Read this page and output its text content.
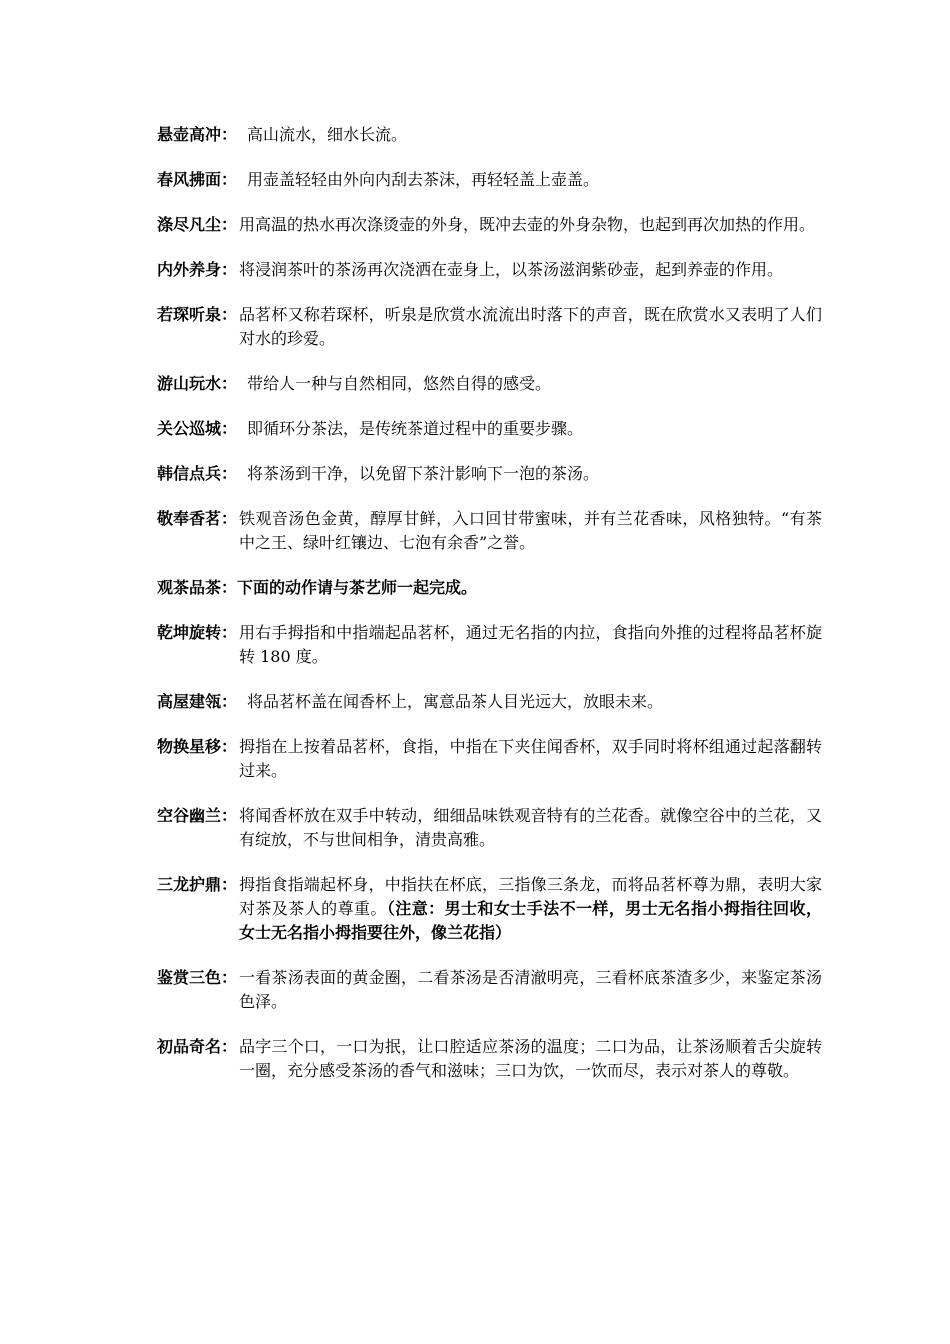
悬壶高冲： 高山流水，细水长流。
春风拂面： 用壶盖轻轻由外向内刮去茶沫，再轻轻盖上壶盖。
涤尽凡尘： 用高温的热水再次涤烫壶的外身，既冲去壶的外身杂物，也起到再次加热的作用。
内外养身： 将浸润茶叶的茶汤再次浇洒在壶身上，以茶汤滋润紫砂壶，起到养壶的作用。
若琛听泉： 品茗杯又称若琛杯，听泉是欣赏水流流出时落下的声音，既在欣赏水又表明了人们对水的珍爱。
游山玩水： 带给人一种与自然相同，悠然自得的感受。
关公巡城： 即循环分茶法，是传统茶道过程中的重要步骤。
韩信点兵： 将茶汤到干净，以免留下茶汁影响下一泡的茶汤。
敬奉香茗： 铁观音汤色金黄，醇厚甘鲜，入口回甘带蜜味，并有兰花香味，风格独特。“有茶中之王、绿叶红镶边、七泡有余香”之誉。
观茶品茶： 下面的动作请与茶艺师一起完成。
乾坤旋转： 用右手拇指和中指端起品茗杯，通过无名指的内拉，食指向外推的过程将品茗杯旋转 180 度。
高屋建瓴： 将品茗杯盖在闻香杯上，寓意品茶人目光远大，放眼未来。
物换星移： 拇指在上按着品茗杯，食指，中指在下夹住闻香杯，双手同时将杯组通过起落翻转过来。
空谷幽兰： 将闻香杯放在双手中转动，细细品味铁观音特有的兰花香。就像空谷中的兰花，又有绽放，不与世间相争，清贵高雅。
三龙护鼎： 拇指食指端起杯身，中指扶在杯底，三指像三条龙，而将品茗杯尊为鼎，表明大家对茶及茶人的尊重。（注意：男士和女士手法不一样，男士无名指小拇指往回收，女士无名指小拇指要往外，像兰花指）
鉴赏三色： 一看茶汤表面的黄金圈，二看茶汤是否清澈明亮，三看杯底茶渣多少，来鉴定茶汤色泽。
初品奇名： 品字三个口，一口为抿，让口腔适应茶汤的温度；二口为品，让茶汤顺着舌尖旋转一圈，充分感受茶汤的香气和滋味；三口为饮，一饮而尽，表示对茶人的尊敬。
